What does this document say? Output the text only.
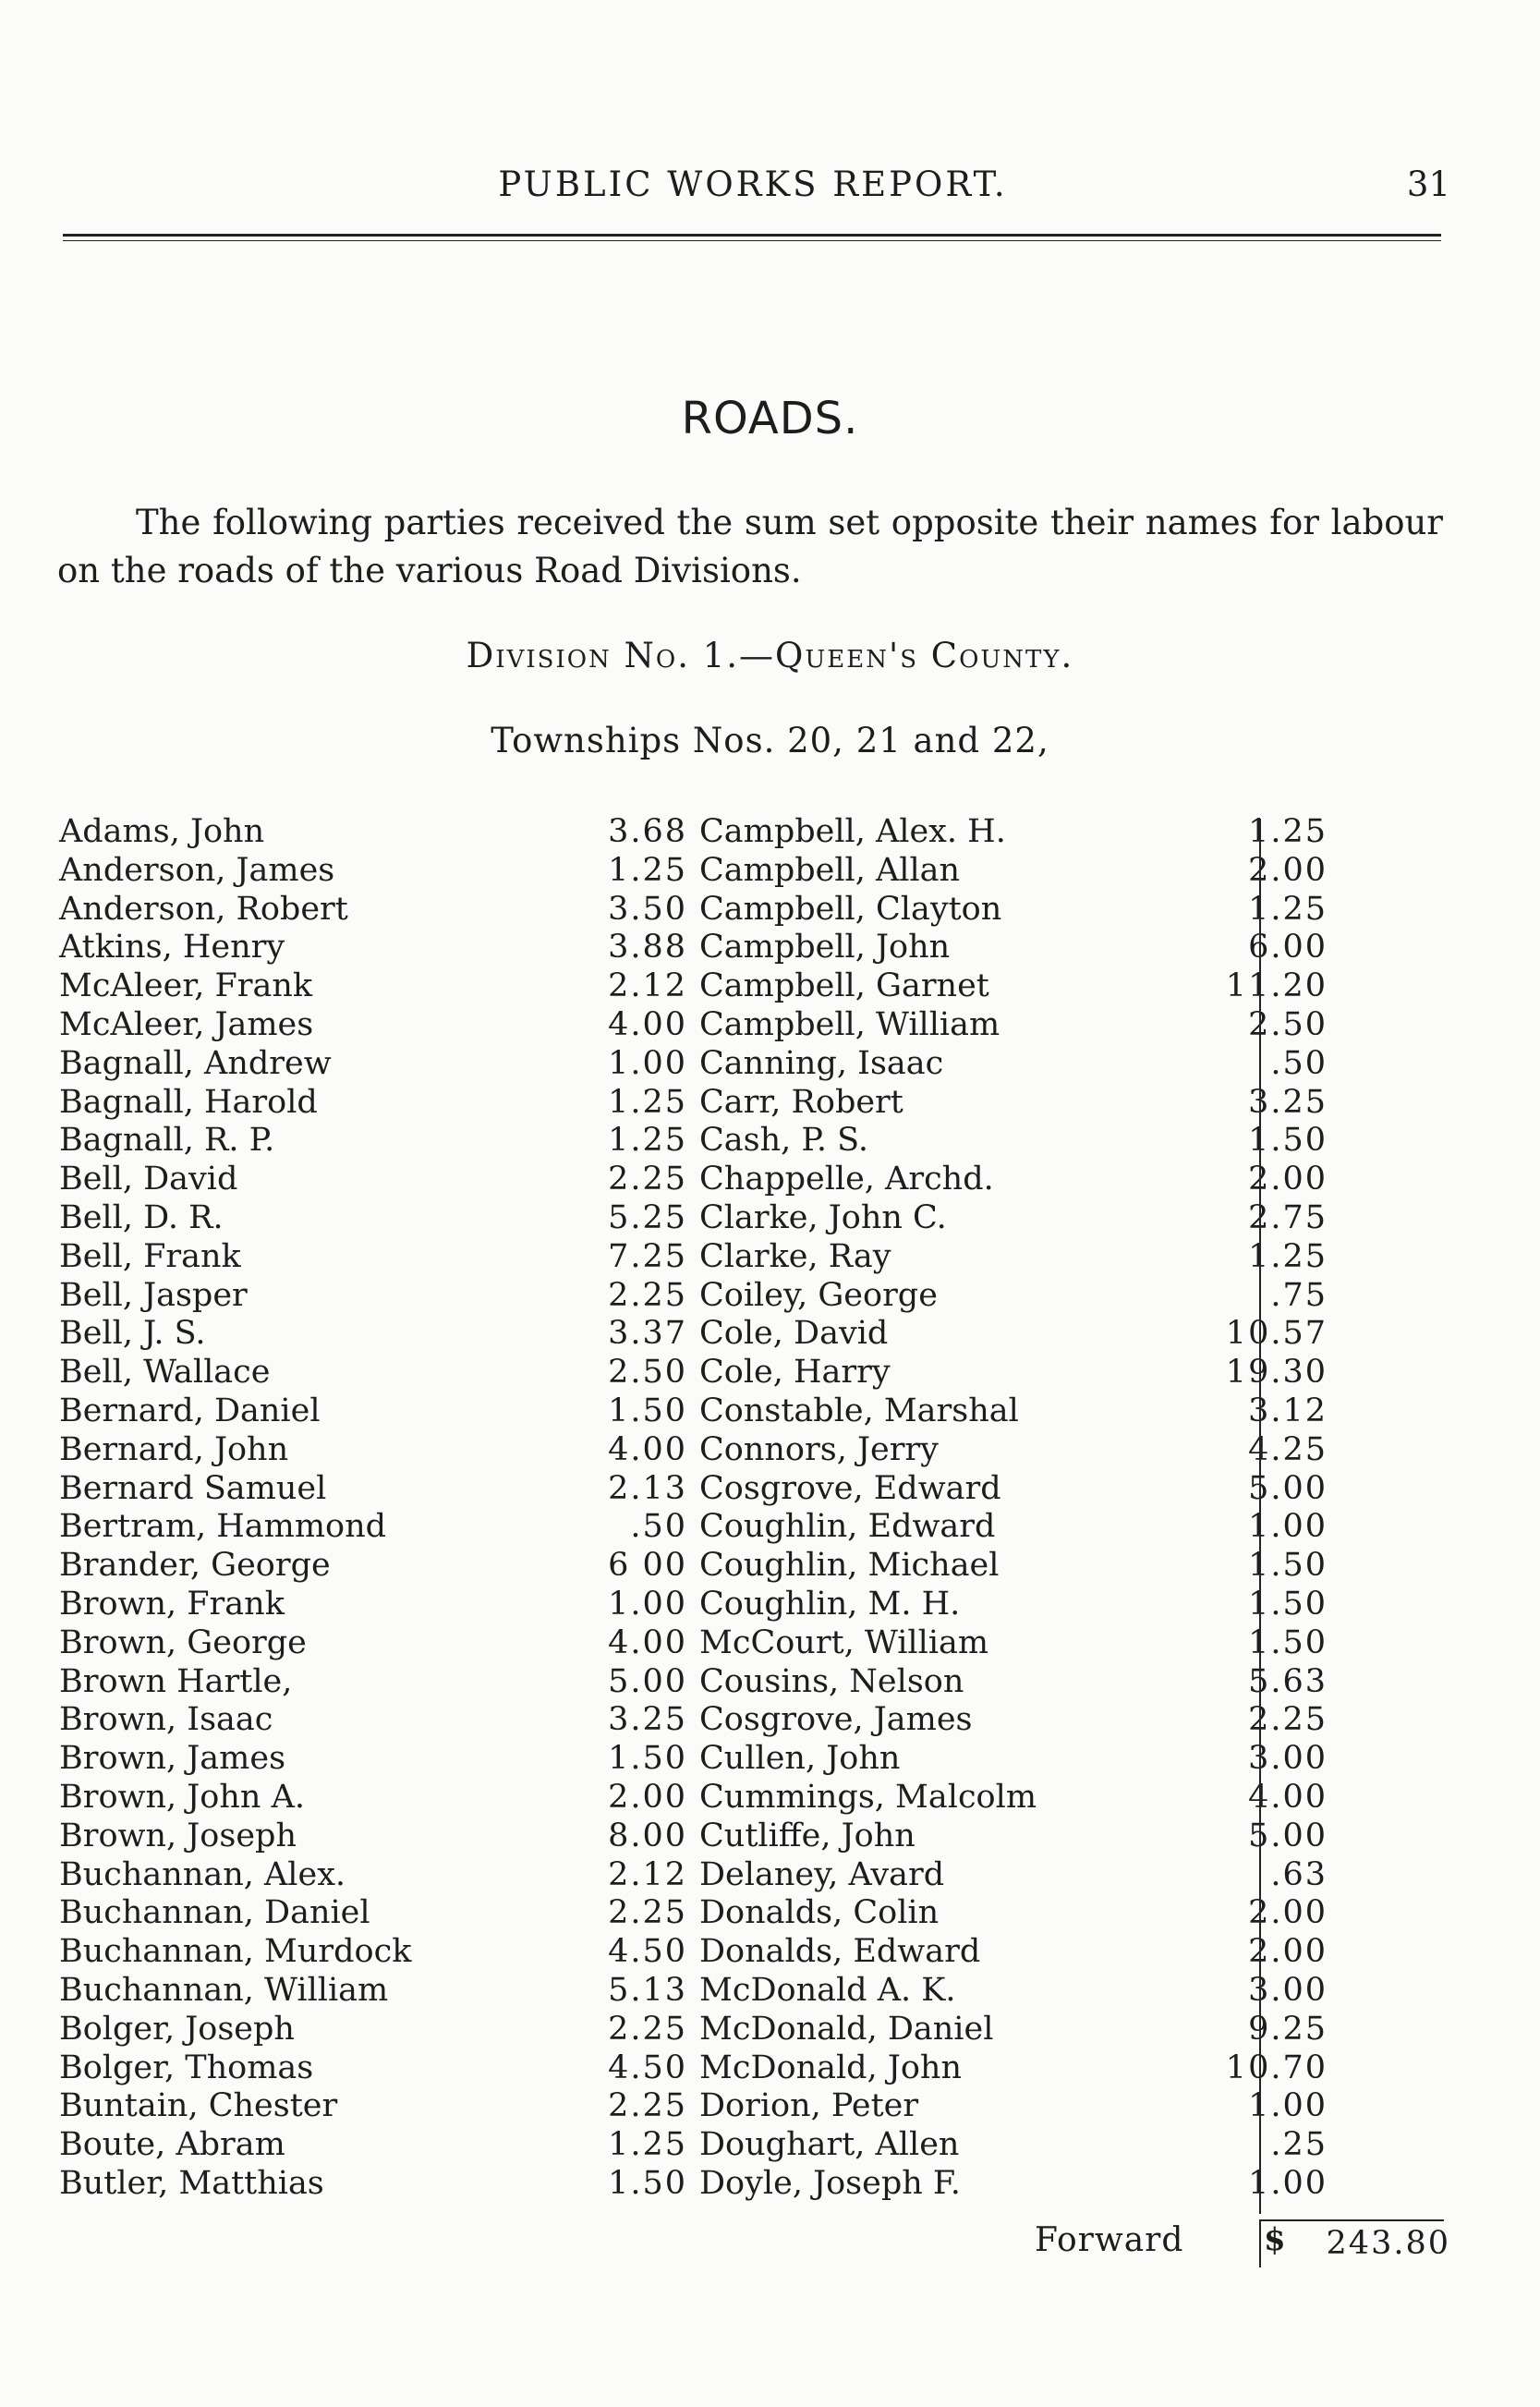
PUBLIC WORKS REPORT.	31
ROADS.

The following parties received the sum set opposite their names for labour on the roads of the various Road Divisions.

Division No. 1.—Queen's County.
Townships Nos. 20, 21 and 22,
Adams, John	3.68
Anderson, James	1.25
Anderson, Robert	3.50
Atkins, Henry	3.88
McAleer, Frank	2.12
McAleer, James	4.00
Bagnall, Andrew	1.00
Bagnall, Harold	1.25
Bagnall, R. P.	1.25
Bell, David	2.25
Bell, D. R.	5.25
Bell, Frank	7.25
Bell, Jasper	2.25
Bell, J. S.	3.37
Bell, Wallace	2.50
Bernard, Daniel	1.50
Bernard, John	4.00
Bernard Samuel	2.13
Bertram, Hammond	.50
Brander, George	6 00
Brown, Frank	1.00
Brown, George	4.00
Brown Hartle,	5.00
Brown, Isaac	3.25
Brown, James	1.50
Brown, John A.	2.00
Brown, Joseph	8.00
Buchannan, Alex.	2.12
Buchannan, Daniel	2.25
Buchannan, Murdock	4.50
Buchannan, William	5.13
Bolger, Joseph	2.25
Bolger, Thomas	4.50
Buntain, Chester	2.25
Boute, Abram	1.25
Butler, Matthias	1.50
Campbell, Alex. H.	1.25
Campbell, Allan	2.00
Campbell, Clayton	1.25
Campbell, John	6.00
Campbell, Garnet	11.20
Campbell, William	2.50
Canning, Isaac	.50
Carr, Robert	3.25
Cash, P. S.	1.50
Chappelle, Archd.	2.00
Clarke, John C.	2.75
Clarke, Ray	1.25
Coiley, George	.75
Cole, David	10.57
Cole, Harry	19.30
Constable, Marshal	3.12
Connors, Jerry	4.25
Cosgrove, Edward	5.00
Coughlin, Edward	1.00
Coughlin, Michael	1.50
Coughlin, M. H.	1.50
McCourt, William	1.50
Cousins, Nelson	5.63
Cosgrove, James	2.25
Cullen, John	3.00
Cummings, Malcolm	4.00
Cutliffe, John	5.00
Delaney, Avard	.63
Donalds, Colin	2.00
Donalds, Edward	2.00
McDonald A. K.	3.00
McDonald, Daniel	9.25
McDonald, John	10.70
Dorion, Peter	1.00
Doughart, Allen	.25
Doyle, Joseph F.	1.00
Forward	$	243.80
